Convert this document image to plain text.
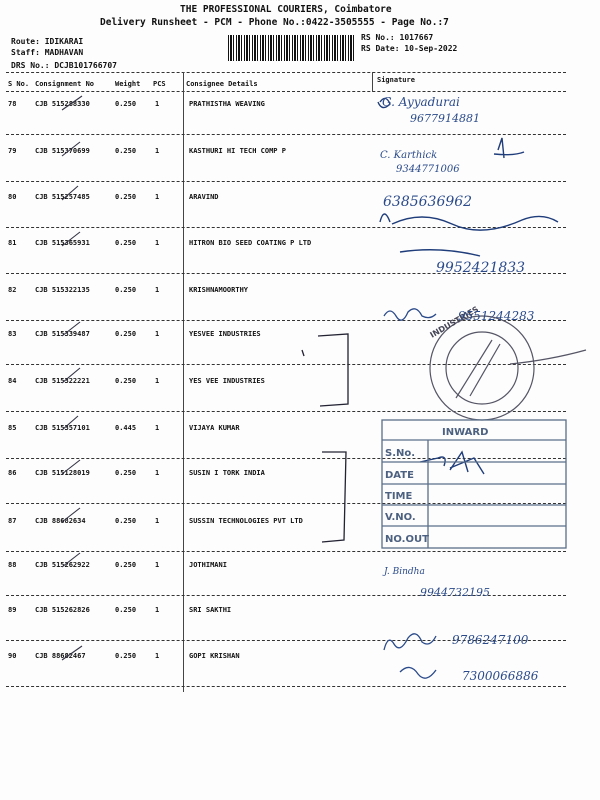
THE PROFESSIONAL COURIERS, Coimbatore
Delivery Runsheet - PCM - Phone No.:0422-3505555 - Page No.:7
Route: IDIKARAI
Staff: MADHAVAN
DRS No.: DCJB101766707
RS No.: 1017667
RS Date: 10-Sep-2022
S No. Consignment No	Weight PCS	Consignee Details	Signature
78	CJB 515288330	0.250	1	PRATHISTHA WEAVING
79	CJB 515370699	0.250	1	KASTHURI HI TECH COMP P
80	CJB 515257485	0.250	1	ARAVIND
81	CJB 515365931	0.250	1	HITRON BIO SEED COATING P LTD
82	CJB 515322135	0.250	1	KRISHNAMOORTHY
83	CJB 515339487	0.250	1	YESVEE INDUSTRIES
84	CJB 515322221	0.250	1	YES VEE INDUSTRIES
85	CJB 515357101	0.445	1	VIJAYA KUMAR
86	CJB 515128019	0.250	1	SUSIN I TORK INDIA
87	CJB 88682634	0.250	1	SUSSIN TECHNOLOGIES PVT LTD
88	CJB 515262922	0.250	1	JOTHIMANI
89	CJB 515262826	0.250	1	SRI SAKTHI
90	CJB 88682467	0.250	1	GOPI KRISHAN
INDUSTRIES
INWARD
S.No.
DATE
TIME
V.NO.
NO.OUT
G. Ayyadurai
9677914881
C. Karthick
9344771006
6385636962
9952421833
9551244283
J. Bindha
9944732195
9786247100
7300066886
